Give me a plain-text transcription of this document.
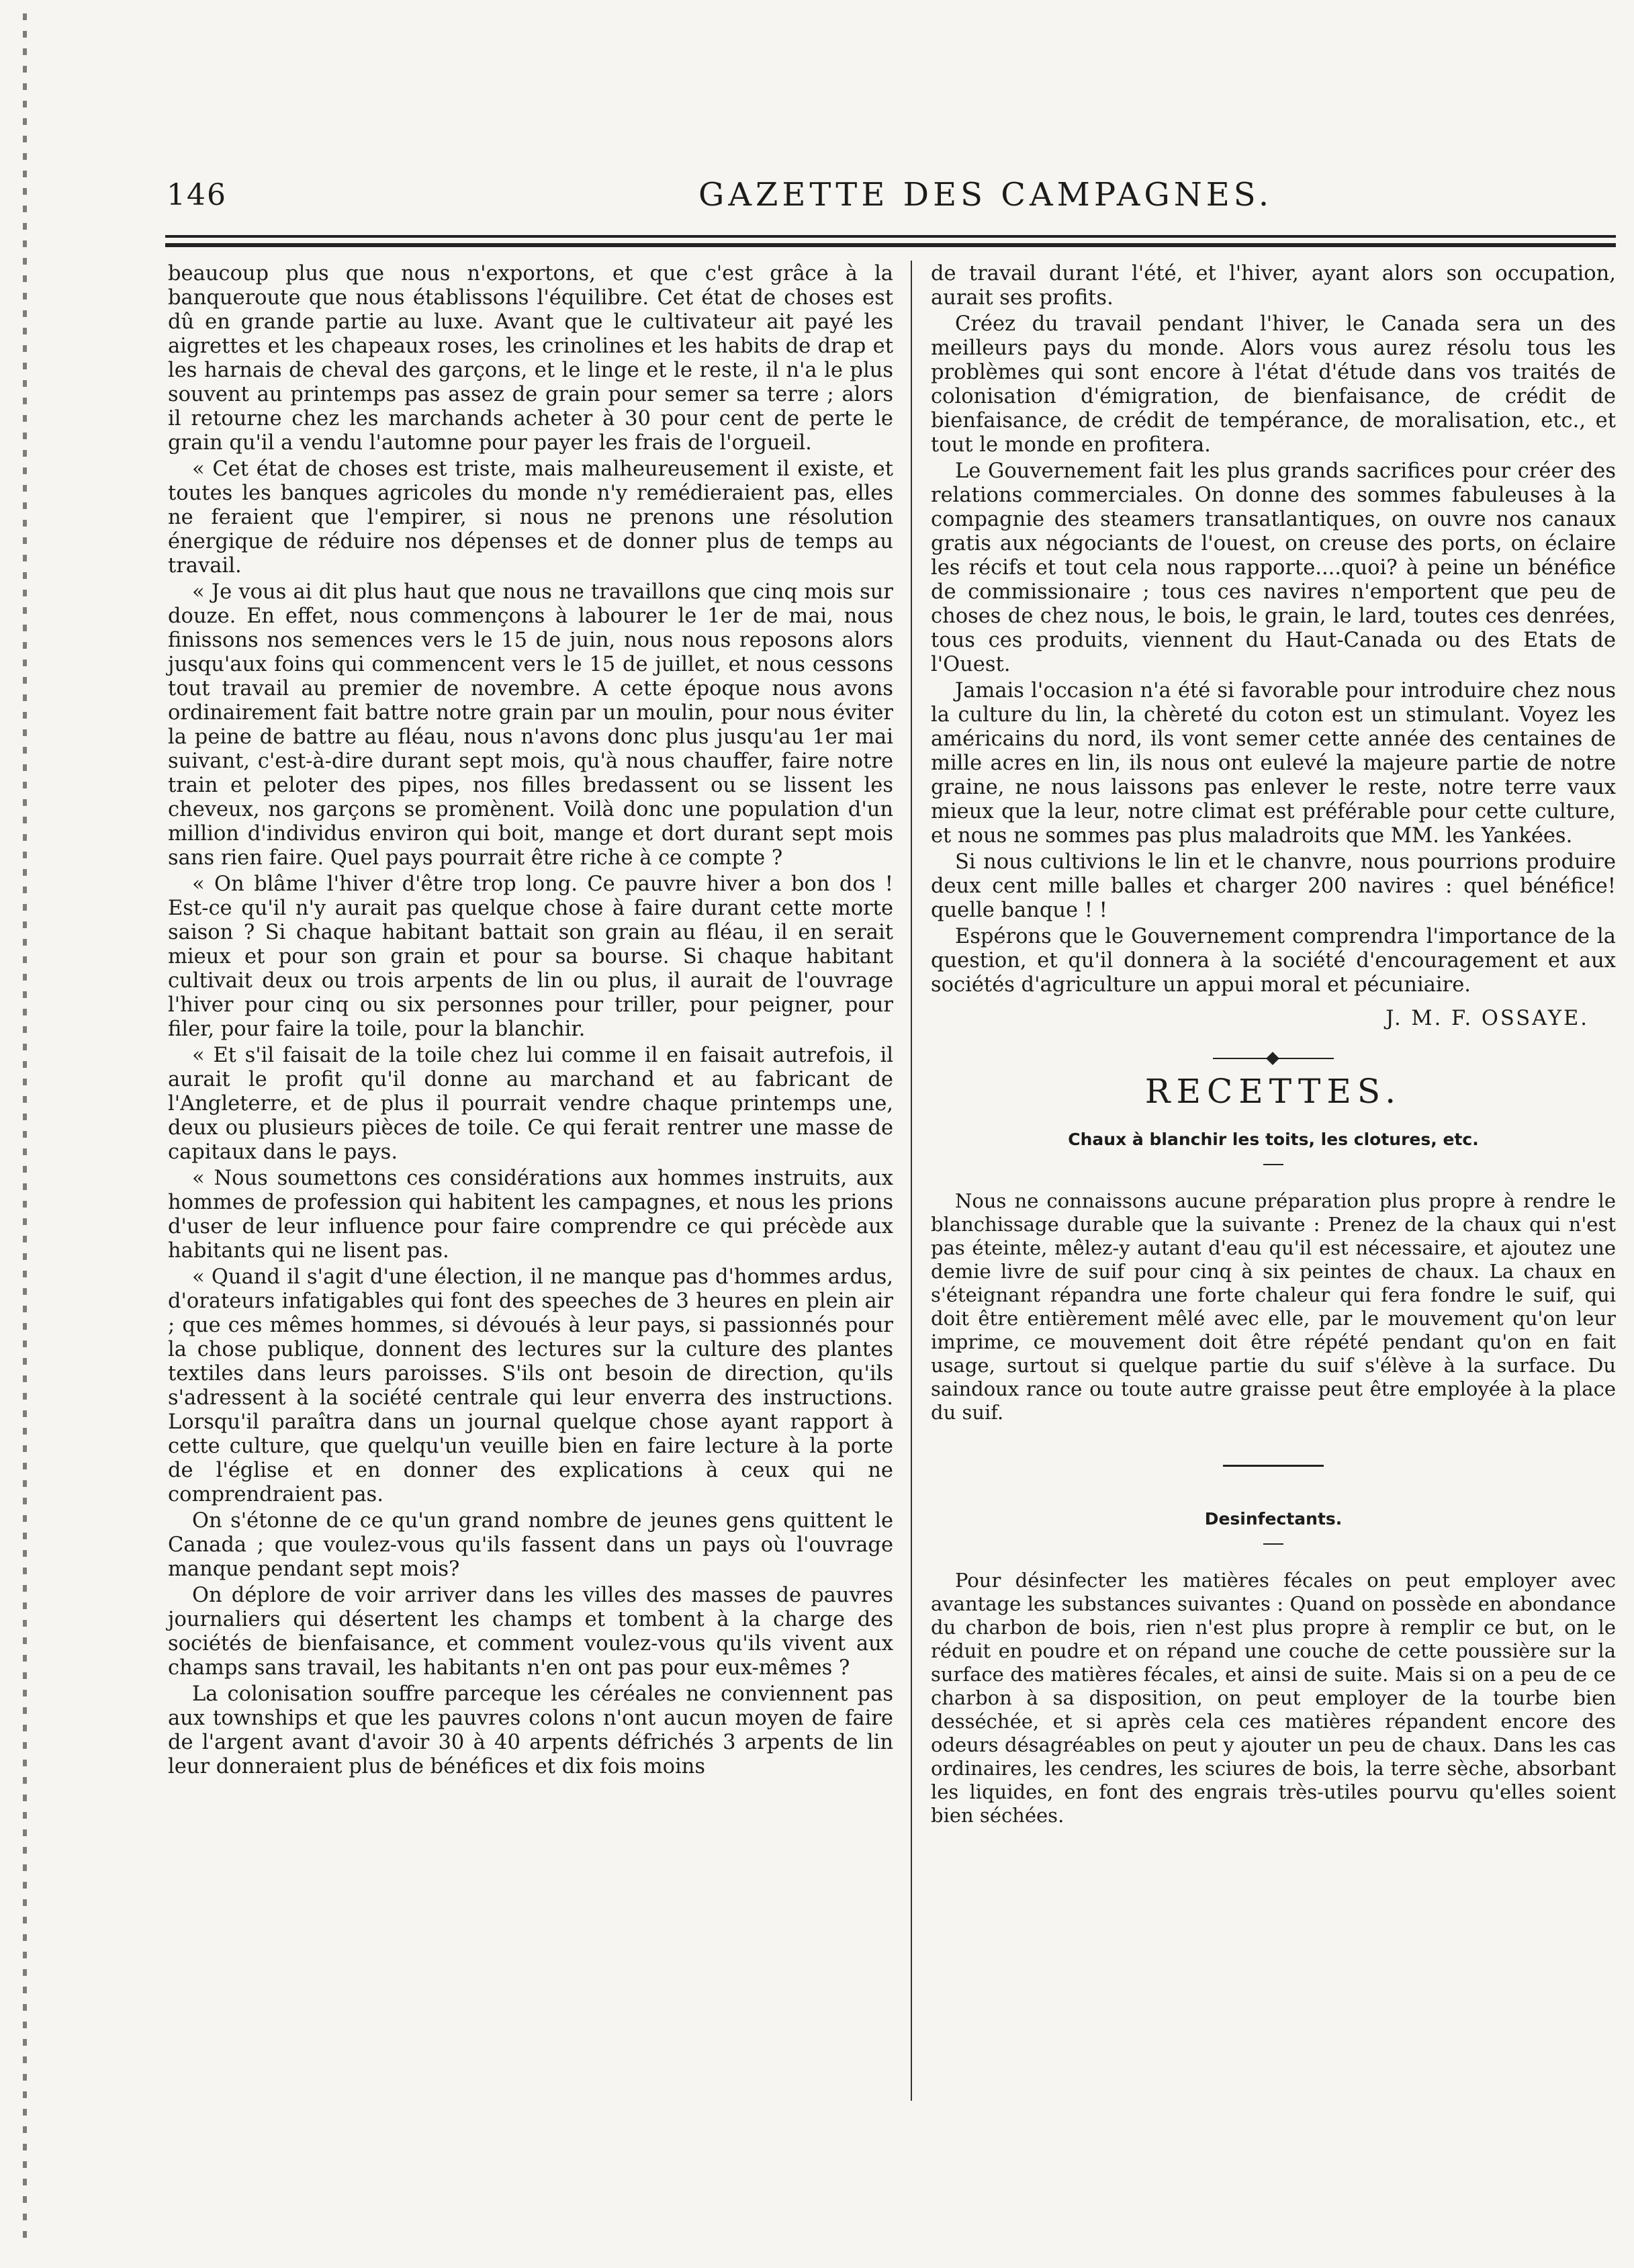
146	GAZETTE DES CAMPAGNES.

beaucoup plus que nous n'exportons, et que c'est grâce à la banqueroute que nous établissons l'équilibre. Cet état de choses est dû en grande partie au luxe. Avant que le cultivateur ait payé les aigrettes et les chapeaux roses, les crinolines et les habits de drap et les harnais de cheval des garçons, et le linge et le reste, il n'a le plus souvent au printemps pas assez de grain pour semer sa terre ; alors il retourne chez les marchands acheter à 30 pour cent de perte le grain qu'il a vendu l'automne pour payer les frais de l'orgueil.

« Cet état de choses est triste, mais malheureusement il existe, et toutes les banques agricoles du monde n'y remédieraient pas, elles ne feraient que l'empirer, si nous ne prenons une résolution énergique de réduire nos dépenses et de donner plus de temps au travail.

« Je vous ai dit plus haut que nous ne travaillons que cinq mois sur douze. En effet, nous commençons à labourer le 1er de mai, nous finissons nos semences vers le 15 de juin, nous nous reposons alors jusqu'aux foins qui commencent vers le 15 de juillet, et nous cessons tout travail au premier de novembre. A cette époque nous avons ordinairement fait battre notre grain par un moulin, pour nous éviter la peine de battre au fléau, nous n'avons donc plus jusqu'au 1er mai suivant, c'est-à-dire durant sept mois, qu'à nous chauffer, faire notre train et peloter des pipes, nos filles bredassent ou se lissent les cheveux, nos garçons se promènent. Voilà donc une population d'un million d'individus environ qui boit, mange et dort durant sept mois sans rien faire. Quel pays pourrait être riche à ce compte ?

« On blâme l'hiver d'être trop long. Ce pauvre hiver a bon dos ! Est-ce qu'il n'y aurait pas quelque chose à faire durant cette morte saison ? Si chaque habitant battait son grain au fléau, il en serait mieux et pour son grain et pour sa bourse. Si chaque habitant cultivait deux ou trois arpents de lin ou plus, il aurait de l'ouvrage l'hiver pour cinq ou six personnes pour triller, pour peigner, pour filer, pour faire la toile, pour la blanchir.

« Et s'il faisait de la toile chez lui comme il en faisait autrefois, il aurait le profit qu'il donne au marchand et au fabricant de l'Angleterre, et de plus il pourrait vendre chaque printemps une, deux ou plusieurs pièces de toile. Ce qui ferait rentrer une masse de capitaux dans le pays.

« Nous soumettons ces considérations aux hommes instruits, aux hommes de profession qui habitent les campagnes, et nous les prions d'user de leur influence pour faire comprendre ce qui précède aux habitants qui ne lisent pas.

« Quand il s'agit d'une élection, il ne manque pas d'hommes ardus, d'orateurs infatigables qui font des speeches de 3 heures en plein air ; que ces mêmes hommes, si dévoués à leur pays, si passionnés pour la chose publique, donnent des lectures sur la culture des plantes textiles dans leurs paroisses. S'ils ont besoin de direction, qu'ils s'adressent à la société centrale qui leur enverra des instructions. Lorsqu'il paraîtra dans un journal quelque chose ayant rapport à cette culture, que quelqu'un veuille bien en faire lecture à la porte de l'église et en donner des explications à ceux qui ne comprendraient pas.

On s'étonne de ce qu'un grand nombre de jeunes gens quittent le Canada ; que voulez-vous qu'ils fassent dans un pays où l'ouvrage manque pendant sept mois?

On déplore de voir arriver dans les villes des masses de pauvres journaliers qui désertent les champs et tombent à la charge des sociétés de bienfaisance, et comment voulez-vous qu'ils vivent aux champs sans travail, les habitants n'en ont pas pour eux-mêmes ?

La colonisation souffre parceque les céréales ne conviennent pas aux townships et que les pauvres colons n'ont aucun moyen de faire de l'argent avant d'avoir 30 à 40 arpents défrichés 3 arpents de lin leur donneraient plus de bénéfices et dix fois moins

de travail durant l'été, et l'hiver, ayant alors son occupation, aurait ses profits.

Créez du travail pendant l'hiver, le Canada sera un des meilleurs pays du monde. Alors vous aurez résolu tous les problèmes qui sont encore à l'état d'étude dans vos traités de colonisation d'émigration, de bienfaisance, de crédit de bienfaisance, de crédit de tempérance, de moralisation, etc., et tout le monde en profitera.

Le Gouvernement fait les plus grands sacrifices pour créer des relations commerciales. On donne des sommes fabuleuses à la compagnie des steamers transatlantiques, on ouvre nos canaux gratis aux négociants de l'ouest, on creuse des ports, on éclaire les récifs et tout cela nous rapporte....quoi? à peine un bénéfice de commissionaire ; tous ces navires n'emportent que peu de choses de chez nous, le bois, le grain, le lard, toutes ces denrées, tous ces produits, viennent du Haut-Canada ou des Etats de l'Ouest.

Jamais l'occasion n'a été si favorable pour introduire chez nous la culture du lin, la chèreté du coton est un stimulant. Voyez les américains du nord, ils vont semer cette année des centaines de mille acres en lin, ils nous ont eulevé la majeure partie de notre graine, ne nous laissons pas enlever le reste, notre terre vaux mieux que la leur, notre climat est préférable pour cette culture, et nous ne sommes pas plus maladroits que MM. les Yankées.

Si nous cultivions le lin et le chanvre, nous pourrions produire deux cent mille balles et charger 200 navires : quel bénéfice! quelle banque ! !

Espérons que le Gouvernement comprendra l'importance de la question, et qu'il donnera à la société d'encouragement et aux sociétés d'agriculture un appui moral et pécuniaire.

J. M. F. OSSAYE.

RECETTES.
Chaux à blanchir les toits, les clotures, etc.

Nous ne connaissons aucune préparation plus propre à rendre le blanchissage durable que la suivante : Prenez de la chaux qui n'est pas éteinte, mêlez-y autant d'eau qu'il est nécessaire, et ajoutez une demie livre de suif pour cinq à six peintes de chaux. La chaux en s'éteignant répandra une forte chaleur qui fera fondre le suif, qui doit être entièrement mêlé avec elle, par le mouvement qu'on leur imprime, ce mouvement doit être répété pendant qu'on en fait usage, surtout si quelque partie du suif s'élève à la surface. Du saindoux rance ou toute autre graisse peut être employée à la place du suif.

Desinfectants.

Pour désinfecter les matières fécales on peut employer avec avantage les substances suivantes : Quand on possède en abondance du charbon de bois, rien n'est plus propre à remplir ce but, on le réduit en poudre et on répand une couche de cette poussière sur la surface des matières fécales, et ainsi de suite. Mais si on a peu de ce charbon à sa disposition, on peut employer de la tourbe bien desséchée, et si après cela ces matières répandent encore des odeurs désagréables on peut y ajouter un peu de chaux. Dans les cas ordinaires, les cendres, les sciures de bois, la terre sèche, absorbant les liquides, en font des engrais très-utiles pourvu qu'elles soient bien séchées.
